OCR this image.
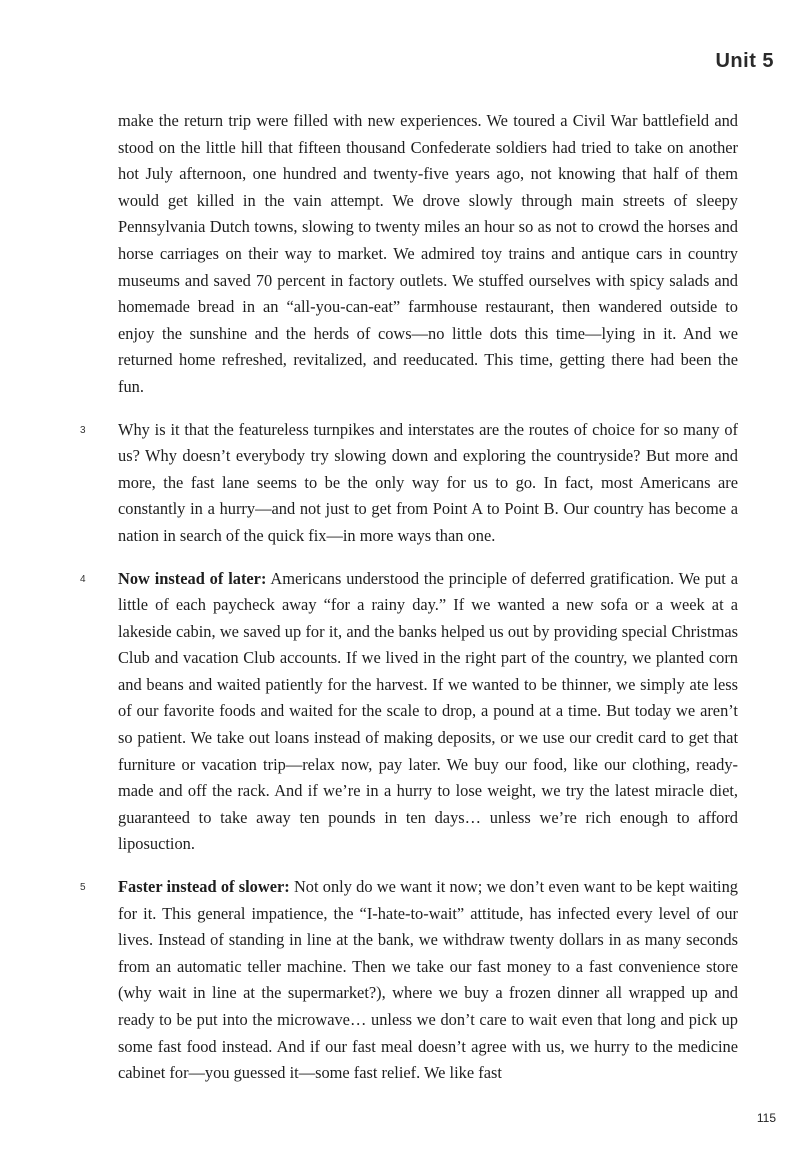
Unit 5

make the return trip were filled with new experiences. We toured a Civil War battlefield and stood on the little hill that fifteen thousand Confederate soldiers had tried to take on another hot July afternoon, one hundred and twenty-five years ago, not knowing that half of them would get killed in the vain attempt. We drove slowly through main streets of sleepy Pennsylvania Dutch towns, slowing to twenty miles an hour so as not to crowd the horses and horse carriages on their way to market. We admired toy trains and antique cars in country museums and saved 70 percent in factory outlets. We stuffed ourselves with spicy salads and homemade bread in an “all-you-can-eat” farmhouse restaurant, then wandered outside to enjoy the sunshine and the herds of cows—no little dots this time—lying in it. And we returned home refreshed, revitalized, and reeducated. This time, getting there had been the fun.

3 Why is it that the featureless turnpikes and interstates are the routes of choice for so many of us? Why doesn’t everybody try slowing down and exploring the countryside? But more and more, the fast lane seems to be the only way for us to go. In fact, most Americans are constantly in a hurry—and not just to get from Point A to Point B. Our country has become a nation in search of the quick fix—in more ways than one.

4 Now instead of later: Americans understood the principle of deferred gratification. We put a little of each paycheck away “for a rainy day.” If we wanted a new sofa or a week at a lakeside cabin, we saved up for it, and the banks helped us out by providing special Christmas Club and vacation Club accounts. If we lived in the right part of the country, we planted corn and beans and waited patiently for the harvest. If we wanted to be thinner, we simply ate less of our favorite foods and waited for the scale to drop, a pound at a time. But today we aren’t so patient. We take out loans instead of making deposits, or we use our credit card to get that furniture or vacation trip—relax now, pay later. We buy our food, like our clothing, ready-made and off the rack. And if we’re in a hurry to lose weight, we try the latest miracle diet, guaranteed to take away ten pounds in ten days… unless we’re rich enough to afford liposuction.

5 Faster instead of slower: Not only do we want it now; we don’t even want to be kept waiting for it. This general impatience, the “I-hate-to-wait” attitude, has infected every level of our lives. Instead of standing in line at the bank, we withdraw twenty dollars in as many seconds from an automatic teller machine. Then we take our fast money to a fast convenience store (why wait in line at the supermarket?), where we buy a frozen dinner all wrapped up and ready to be put into the microwave… unless we don’t care to wait even that long and pick up some fast food instead. And if our fast meal doesn’t agree with us, we hurry to the medicine cabinet for—you guessed it—some fast relief. We like fast

115
